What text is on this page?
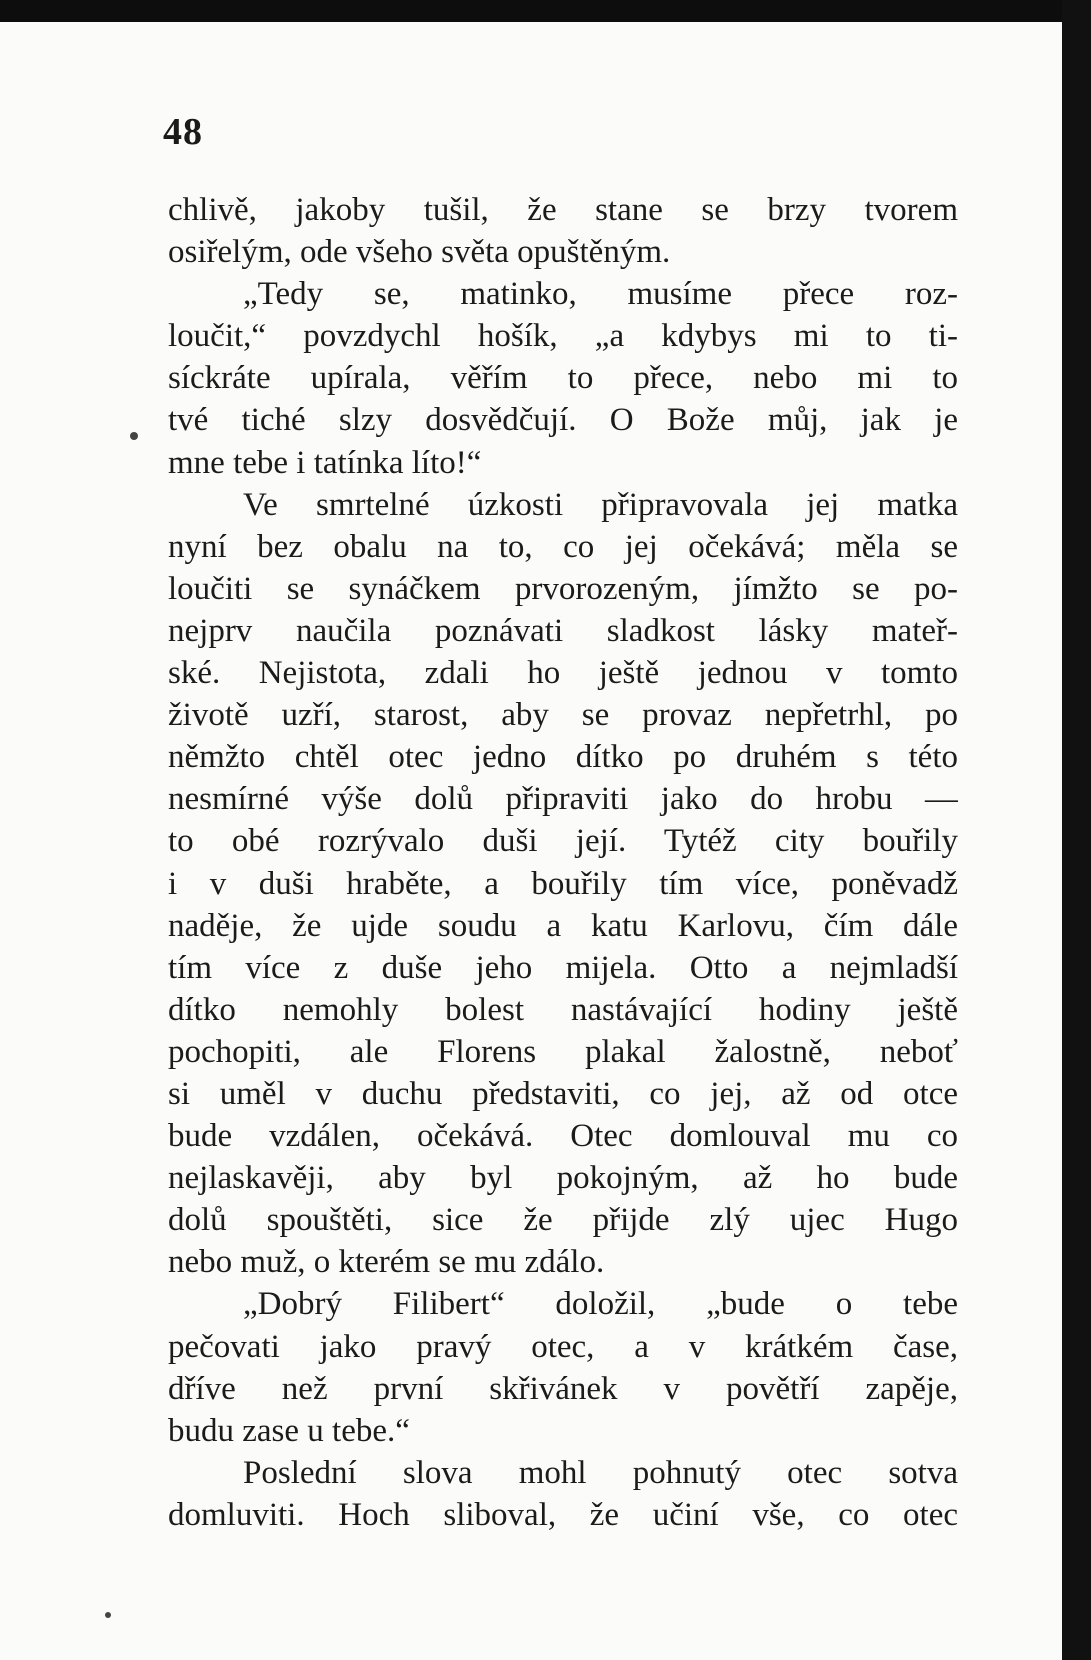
48
chlivě, jakoby tušil, že stane se brzy tvorem
osiřelým, ode všeho světa opuštěným.
„Tedy se, matinko, musíme přece roz-
loučit,“ povzdychl hošík, „a kdybys mi to ti-
síckráte upírala, věřím to přece, nebo mi to
tvé tiché slzy dosvědčují. O Bože můj, jak je
mne tebe i tatínka líto!“
Ve smrtelné úzkosti připravovala jej matka
nyní bez obalu na to, co jej očekává; měla se
loučiti se synáčkem prvorozeným, jímžto se po-
nejprv naučila poznávati sladkost lásky mateř-
ské. Nejistota, zdali ho ještě jednou v tomto
životě uzří, starost, aby se provaz nepřetrhl, po
němžto chtěl otec jedno dítko po druhém s této
nesmírné výše dolů připraviti jako do hrobu —
to obé rozrývalo duši její. Tytéž city bouřily
i v duši hraběte, a bouřily tím více, poněvadž
naděje, že ujde soudu a katu Karlovu, čím dále
tím více z duše jeho mijela. Otto a nejmladší
dítko nemohly bolest nastávající hodiny ještě
pochopiti, ale Florens plakal žalostně, neboť
si uměl v duchu představiti, co jej, až od otce
bude vzdálen, očekává. Otec domlouval mu co
nejlaskavěji, aby byl pokojným, až ho bude
dolů spouštěti, sice že přijde zlý ujec Hugo
nebo muž, o kterém se mu zdálo.
„Dobrý Filibert“ doložil, „bude o tebe
pečovati jako pravý otec, a v krátkém čase,
dříve než první skřivánek v povětří zapěje,
budu zase u tebe.“
Poslední slova mohl pohnutý otec sotva
domluviti. Hoch sliboval, že učiní vše, co otec
